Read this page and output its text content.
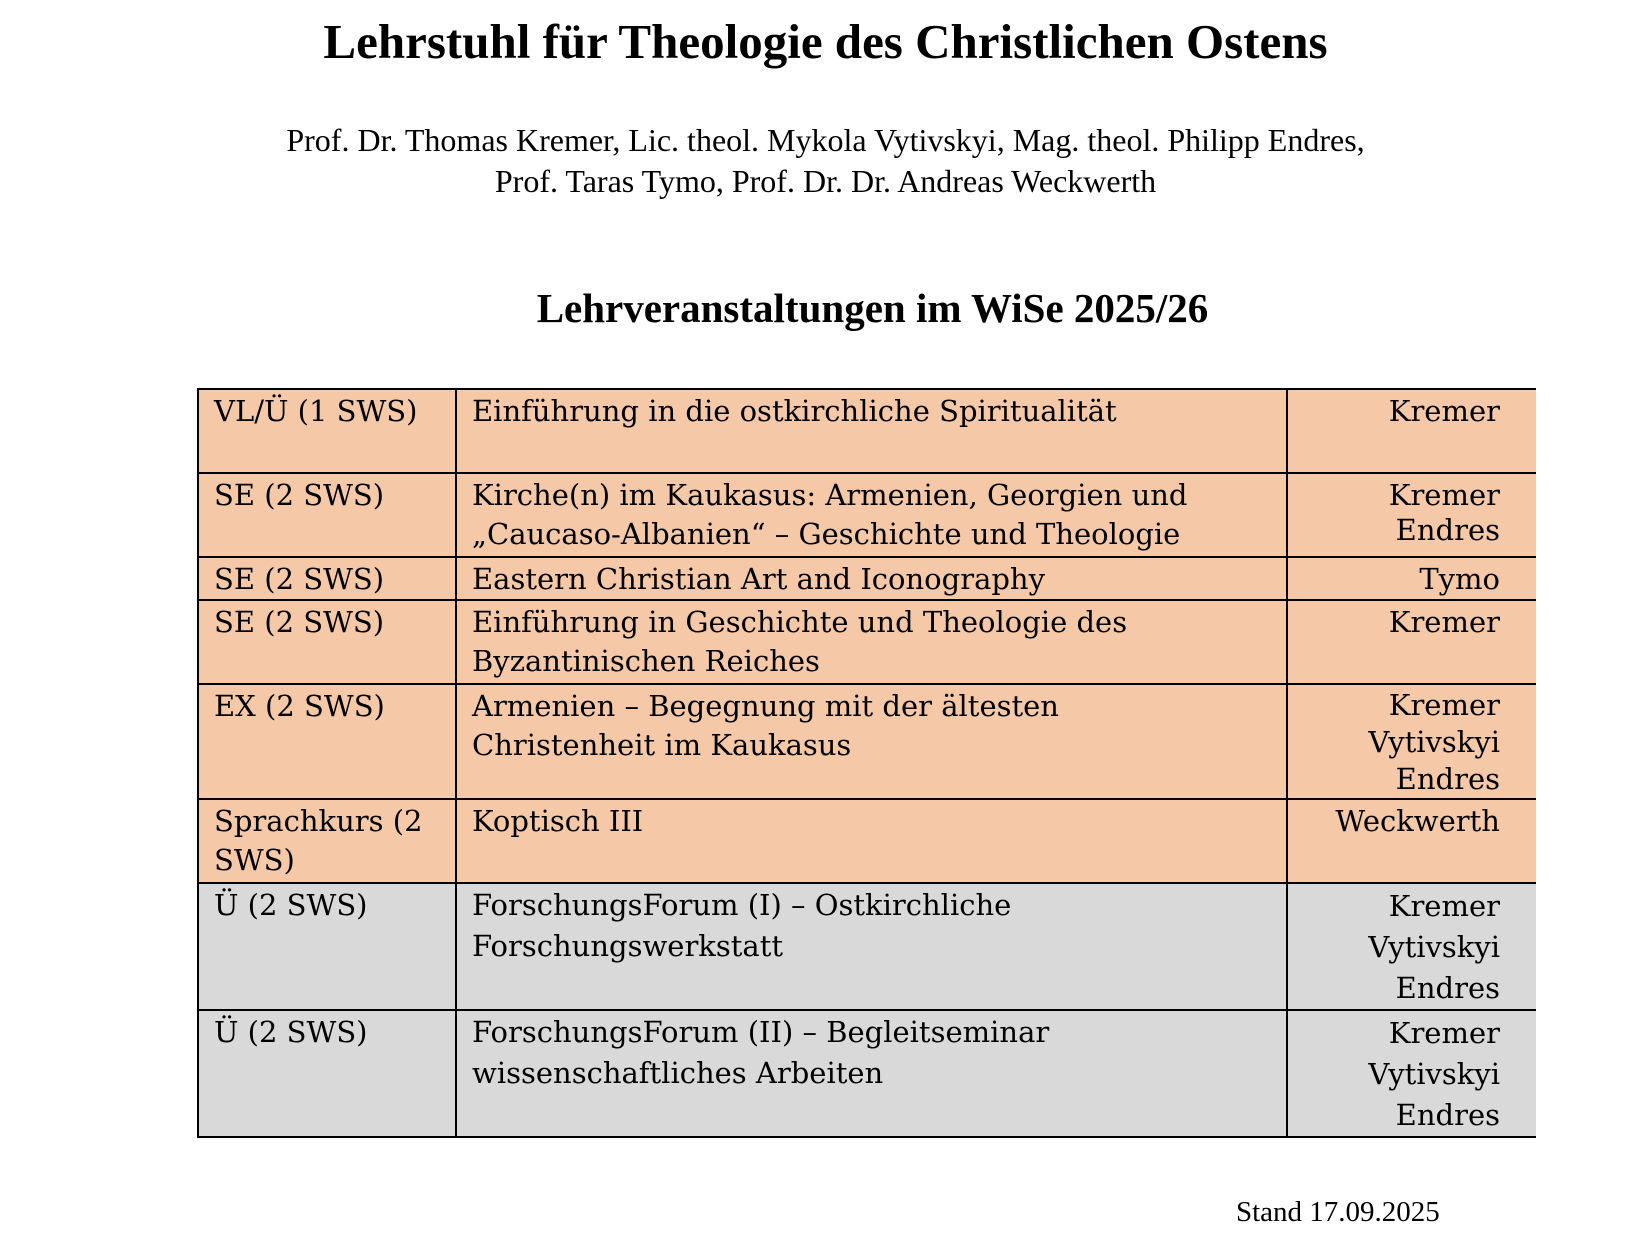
Lehrstuhl für Theologie des Christlichen Ostens
Prof. Dr. Thomas Kremer, Lic. theol. Mykola Vytivskyi, Mag. theol. Philipp Endres,
Prof. Taras Tymo, Prof. Dr. Dr. Andreas Weckwerth
Lehrveranstaltungen im WiSe 2025/26
VL/Ü (1 SWS)	Einführung in die ostkirchliche Spiritualität	Kremer

SE (2 SWS)	Kirche(n) im Kaukasus: Armenien, Georgien und
„Caucaso-Albanien“ – Geschichte und Theologie	Kremer
Endres

SE (2 SWS)	Eastern Christian Art and Iconography	Tymo

SE (2 SWS)	Einführung in Geschichte und Theologie des
Byzantinischen Reiches	Kremer

EX (2 SWS)	Armenien – Begegnung mit der ältesten
Christenheit im Kaukasus	Kremer
Vytivskyi
Endres

Sprachkurs (2
SWS)	Koptisch III	Weckwerth

Ü (2 SWS)	ForschungsForum (I) – Ostkirchliche
Forschungswerkstatt	Kremer
Vytivskyi
Endres

Ü (2 SWS)	ForschungsForum (II) – Begleitseminar
wissenschaftliches Arbeiten	Kremer
Vytivskyi
Endres
Stand 17.09.2025
